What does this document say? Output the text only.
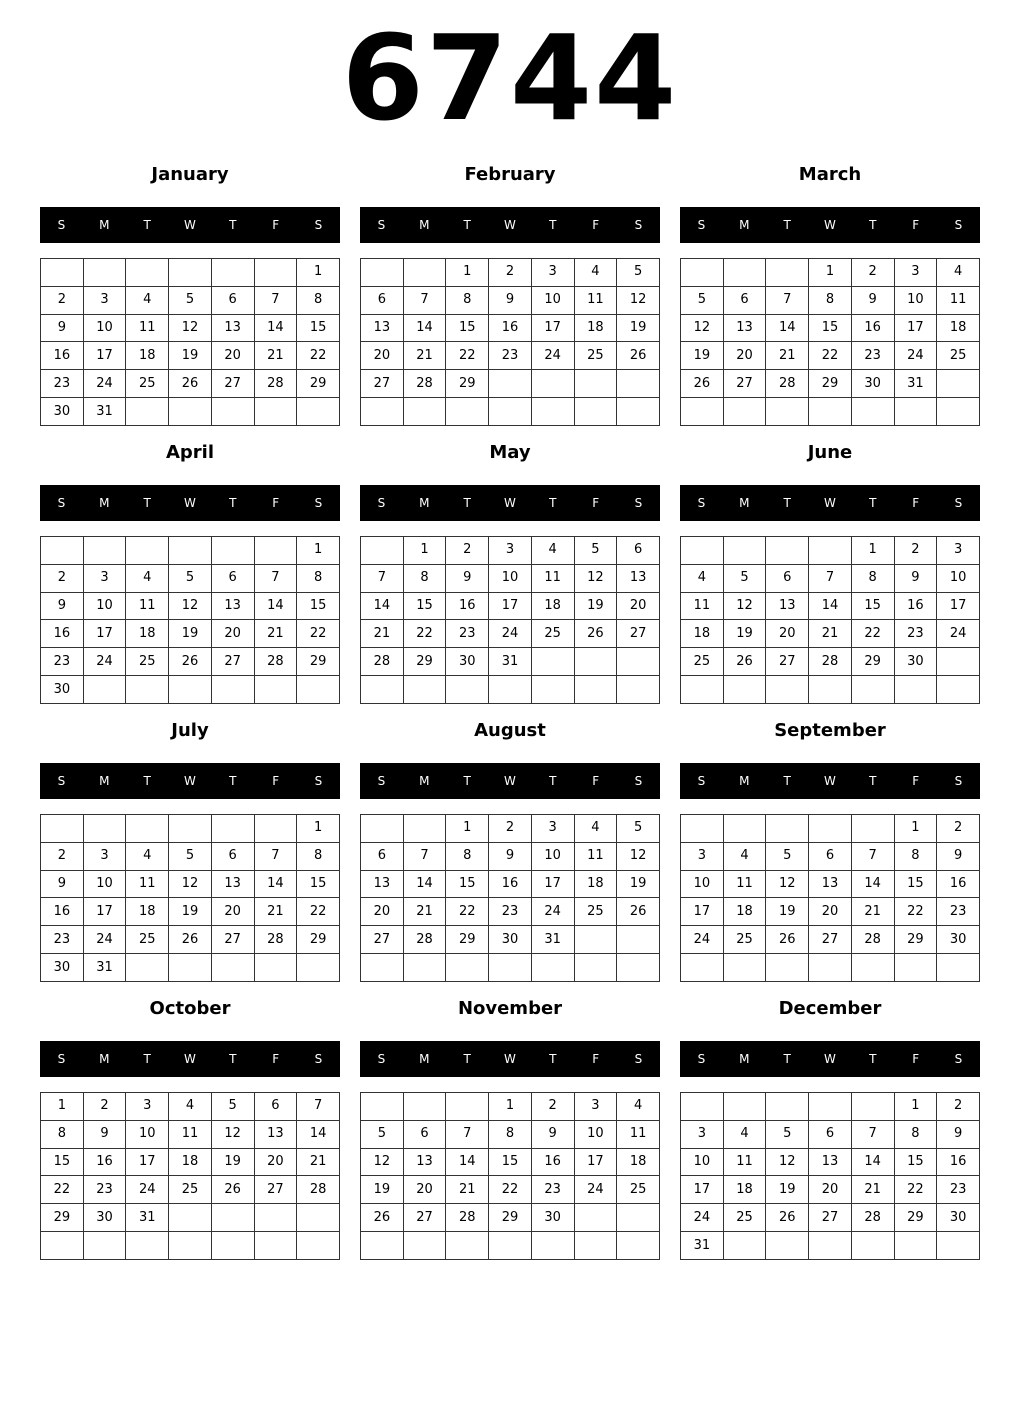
6744
January
S	M	T	W	T	F	S
						1
2	3	4	5	6	7	8
9	10	11	12	13	14	15
16	17	18	19	20	21	22
23	24	25	26	27	28	29
30	31					
February
S	M	T	W	T	F	S
		1	2	3	4	5
6	7	8	9	10	11	12
13	14	15	16	17	18	19
20	21	22	23	24	25	26
27	28	29				

March
S	M	T	W	T	F	S
			1	2	3	4
5	6	7	8	9	10	11
12	13	14	15	16	17	18
19	20	21	22	23	24	25
26	27	28	29	30	31	

April
S	M	T	W	T	F	S
						1
2	3	4	5	6	7	8
9	10	11	12	13	14	15
16	17	18	19	20	21	22
23	24	25	26	27	28	29
30						
May
S	M	T	W	T	F	S
	1	2	3	4	5	6
7	8	9	10	11	12	13
14	15	16	17	18	19	20
21	22	23	24	25	26	27
28	29	30	31			

June
S	M	T	W	T	F	S
				1	2	3
4	5	6	7	8	9	10
11	12	13	14	15	16	17
18	19	20	21	22	23	24
25	26	27	28	29	30	

July
S	M	T	W	T	F	S
						1
2	3	4	5	6	7	8
9	10	11	12	13	14	15
16	17	18	19	20	21	22
23	24	25	26	27	28	29
30	31					
August
S	M	T	W	T	F	S
		1	2	3	4	5
6	7	8	9	10	11	12
13	14	15	16	17	18	19
20	21	22	23	24	25	26
27	28	29	30	31		

September
S	M	T	W	T	F	S
					1	2
3	4	5	6	7	8	9
10	11	12	13	14	15	16
17	18	19	20	21	22	23
24	25	26	27	28	29	30

October
S	M	T	W	T	F	S
1	2	3	4	5	6	7
8	9	10	11	12	13	14
15	16	17	18	19	20	21
22	23	24	25	26	27	28
29	30	31				

November
S	M	T	W	T	F	S
			1	2	3	4
5	6	7	8	9	10	11
12	13	14	15	16	17	18
19	20	21	22	23	24	25
26	27	28	29	30		

December
S	M	T	W	T	F	S
					1	2
3	4	5	6	7	8	9
10	11	12	13	14	15	16
17	18	19	20	21	22	23
24	25	26	27	28	29	30
31						
